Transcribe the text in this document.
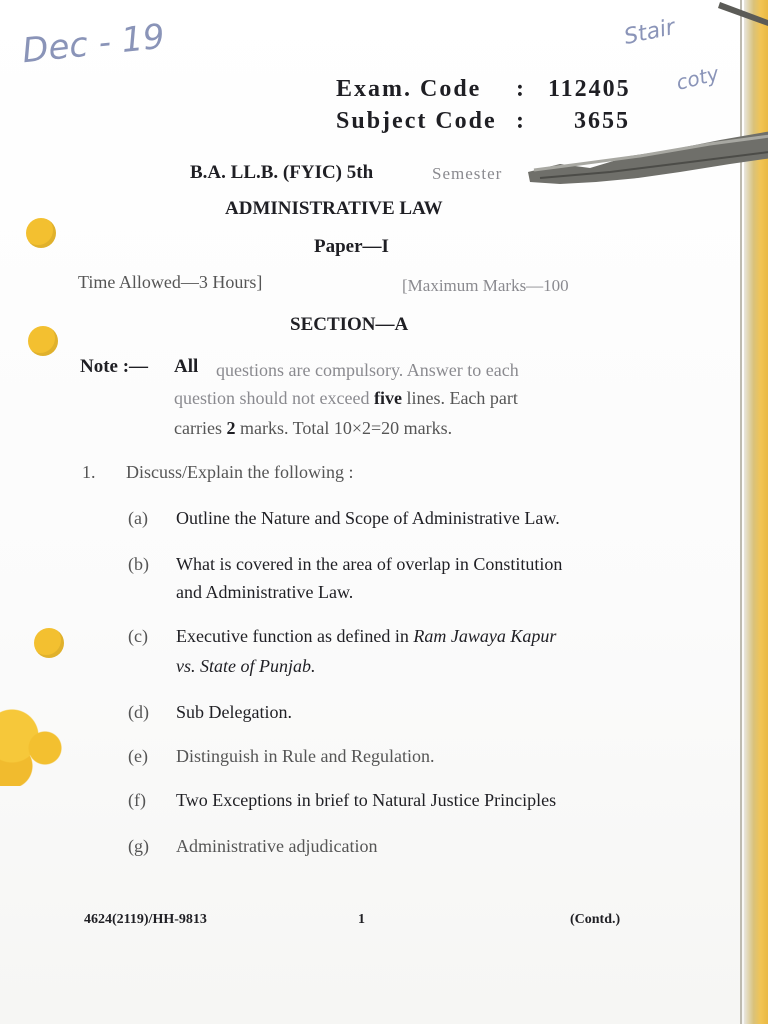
Dec - 19	Stair
coty
Exam. Code : 112405
Subject Code : 3655
B.A. LL.B. (FYIC) 5th	Semester
ADMINISTRATIVE LAW
Paper—I
Time Allowed—3 Hours]	[Maximum Marks—100
SECTION—A
Note :— All questions are compulsory. Answer to each
question should not exceed five lines. Each part
carries 2 marks. Total 10×2=20 marks.
1. Discuss/Explain the following :
(a) Outline the Nature and Scope of Administrative Law.
(b) What is covered in the area of overlap in Constitution
and Administrative Law.
(c) Executive function as defined in Ram Jawaya Kapur
vs. State of Punjab.
(d) Sub Delegation.
(e) Distinguish in Rule and Regulation.
(f) Two Exceptions in brief to Natural Justice Principles
(g) Administrative adjudication
4624(2119)/HH-9813	1	(Contd.)
